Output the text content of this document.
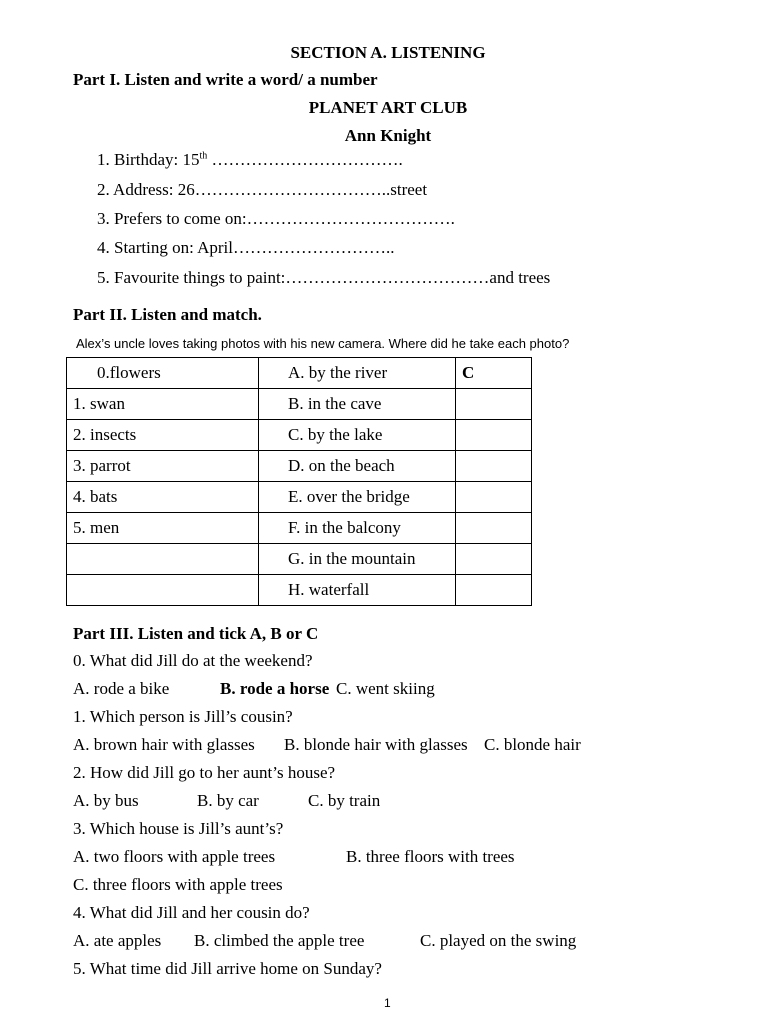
SECTION A. LISTENING
Part I. Listen and write a word/ a number
PLANET ART CLUB
Ann Knight
1. Birthday: 15th …………………………….
2. Address: 26……………………………..street
3. Prefers to come on:……………………………….
4. Starting on: April………………………..
5. Favourite things to paint:………………………………and trees
Part II. Listen and match.
Alex’s uncle loves taking photos with his new camera. Where did he take each photo?
0.flowers	A. by the river	C
1. swan	B. in the cave	
2. insects	C. by the lake	
3. parrot	D. on the beach	
4. bats	E. over the bridge	
5. men	F. in the balcony	
	G. in the mountain	
	H. waterfall	
Part III. Listen and tick A, B or C
0. What did Jill do at the weekend?
A. rode a bike	B. rode a horse C. went skiing
1. Which person is Jill’s cousin?
A. brown hair with glasses B. blonde hair with glasses C. blonde hair
2. How did Jill go to her aunt’s house?
A. by bus	B. by car	C. by train
3. Which house is Jill’s aunt’s?
A. two floors with apple trees	B. three floors with trees
C. three floors with apple trees
4. What did Jill and her cousin do?
A. ate apples B. climbed the apple tree	C. played on the swing
5. What time did Jill arrive home on Sunday?
1
